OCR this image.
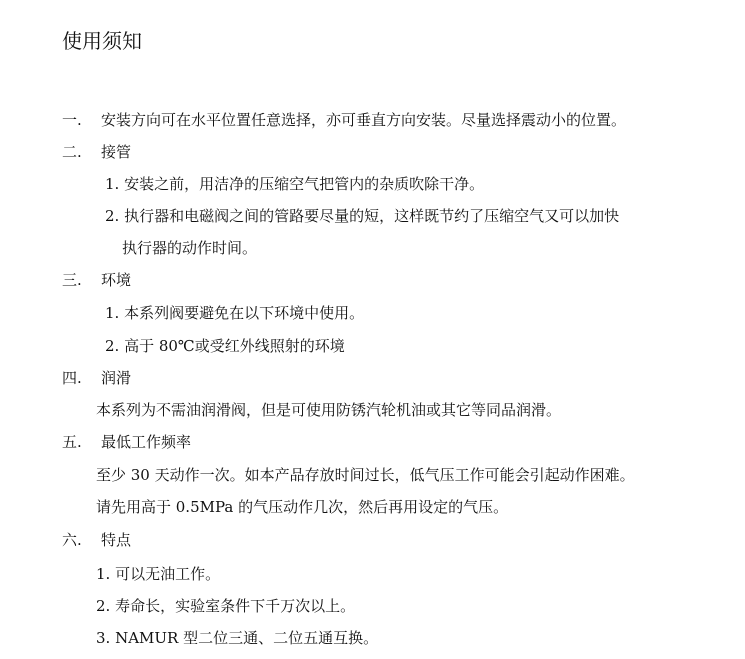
使用须知
一. 安装方向可在水平位置任意选择，亦可垂直方向安装。尽量选择震动小的位置。
二. 接管
1. 安装之前，用洁净的压缩空气把管内的杂质吹除干净。
2. 执行器和电磁阀之间的管路要尽量的短，这样既节约了压缩空气又可以加快
执行器的动作时间。
三. 环境
1. 本系列阀要避免在以下环境中使用。
2. 高于 80℃或受红外线照射的环境
四. 润滑
本系列为不需油润滑阀，但是可使用防锈汽轮机油或其它等同品润滑。
五. 最低工作频率
至少 30 天动作一次。如本产品存放时间过长，低气压工作可能会引起动作困难。
请先用高于 0.5MPa 的气压动作几次，然后再用设定的气压。
六. 特点
1. 可以无油工作。
2. 寿命长，实验室条件下千万次以上。
3. NAMUR 型二位三通、二位五通互换。
